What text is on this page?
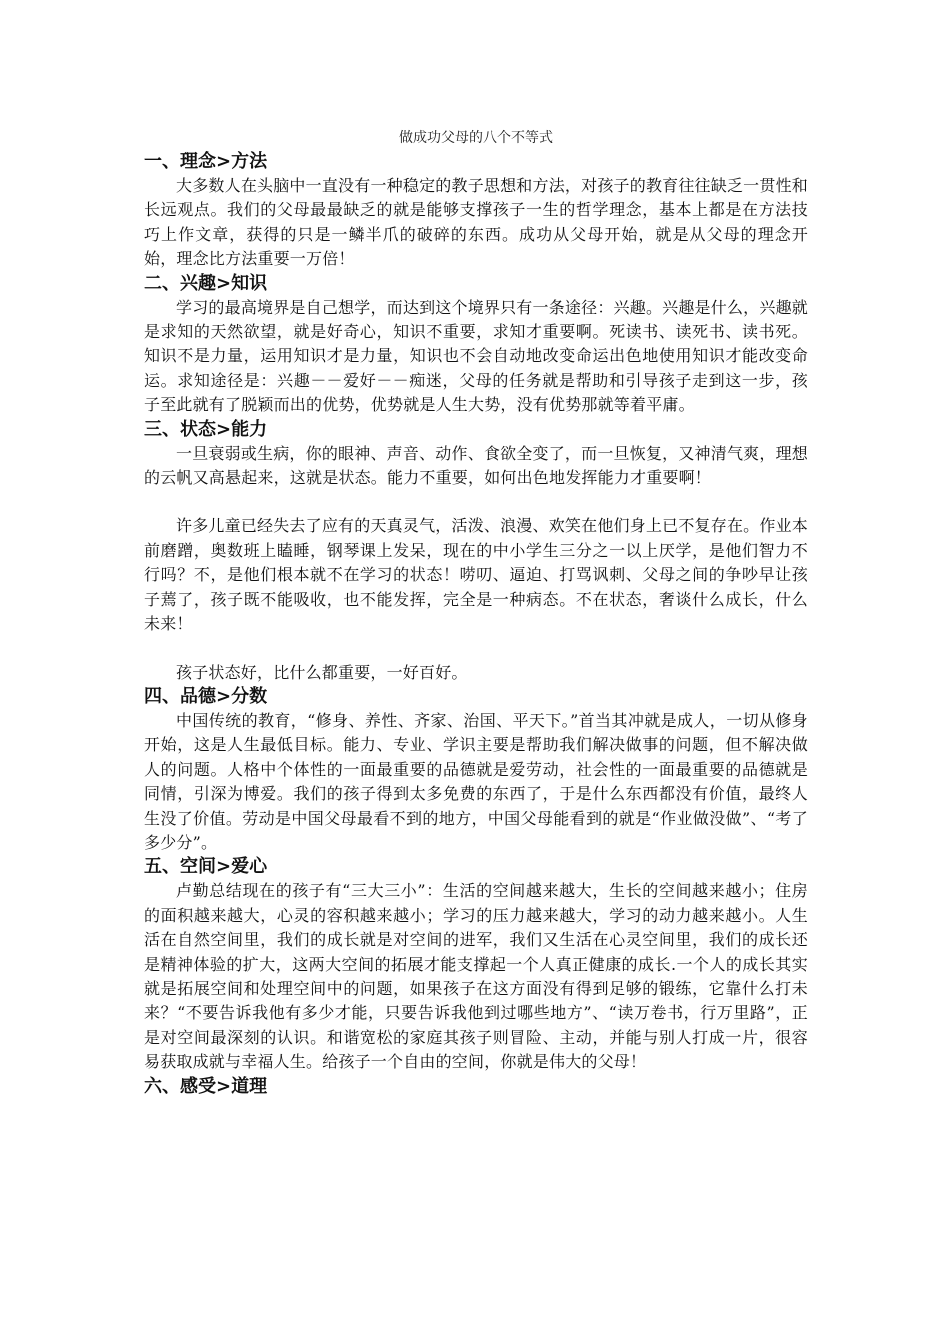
做成功父母的八个不等式
一、理念>方法

大多数人在头脑中一直没有一种稳定的教子思想和方法，对孩子的教育往往缺乏一贯性和长远观点。我们的父母最最缺乏的就是能够支撑孩子一生的哲学理念，基本上都是在方法技巧上作文章，获得的只是一鳞半爪的破碎的东西。成功从父母开始，就是从父母的理念开始，理念比方法重要一万倍！

二、兴趣>知识

学习的最高境界是自己想学，而达到这个境界只有一条途径：兴趣。兴趣是什么，兴趣就是求知的天然欲望，就是好奇心，知识不重要，求知才重要啊。死读书、读死书、读书死。知识不是力量，运用知识才是力量，知识也不会自动地改变命运出色地使用知识才能改变命运。求知途径是：兴趣－－爱好－－痴迷，父母的任务就是帮助和引导孩子走到这一步，孩子至此就有了脱颖而出的优势，优势就是人生大势，没有优势那就等着平庸。

三、状态>能力

一旦衰弱或生病，你的眼神、声音、动作、食欲全变了，而一旦恢复，又神清气爽，理想的云帆又高悬起来，这就是状态。能力不重要，如何出色地发挥能力才重要啊！

许多儿童已经失去了应有的天真灵气，活泼、浪漫、欢笑在他们身上已不复存在。作业本前磨蹭，奥数班上瞌睡，钢琴课上发呆，现在的中小学生三分之一以上厌学，是他们智力不行吗？不，是他们根本就不在学习的状态！唠叨、逼迫、打骂讽刺、父母之间的争吵早让孩子蔫了，孩子既不能吸收，也不能发挥，完全是一种病态。不在状态，奢谈什么成长，什么未来！

孩子状态好，比什么都重要，一好百好。

四、品德>分数

中国传统的教育，“修身、养性、齐家、治国、平天下。”首当其冲就是成人，一切从修身开始，这是人生最低目标。能力、专业、学识主要是帮助我们解决做事的问题，但不解决做人的问题。人格中个体性的一面最重要的品德就是爱劳动，社会性的一面最重要的品德就是同情，引深为博爱。我们的孩子得到太多免费的东西了，于是什么东西都没有价值，最终人生没了价值。劳动是中国父母最看不到的地方，中国父母能看到的就是“作业做没做”、“考了多少分”。

五、空间>爱心

卢勤总结现在的孩子有“三大三小”：生活的空间越来越大，生长的空间越来越小；住房的面积越来越大，心灵的容积越来越小；学习的压力越来越大，学习的动力越来越小。人生活在自然空间里，我们的成长就是对空间的进军，我们又生活在心灵空间里，我们的成长还是精神体验的扩大，这两大空间的拓展才能支撑起一个人真正健康的成长.一个人的成长其实就是拓展空间和处理空间中的问题，如果孩子在这方面没有得到足够的锻练，它靠什么打未来？“不要告诉我他有多少才能，只要告诉我他到过哪些地方”、“读万卷书，行万里路”，正是对空间最深刻的认识。和谐宽松的家庭其孩子则冒险、主动，并能与别人打成一片，很容易获取成就与幸福人生。给孩子一个自由的空间，你就是伟大的父母！

六、感受>道理
